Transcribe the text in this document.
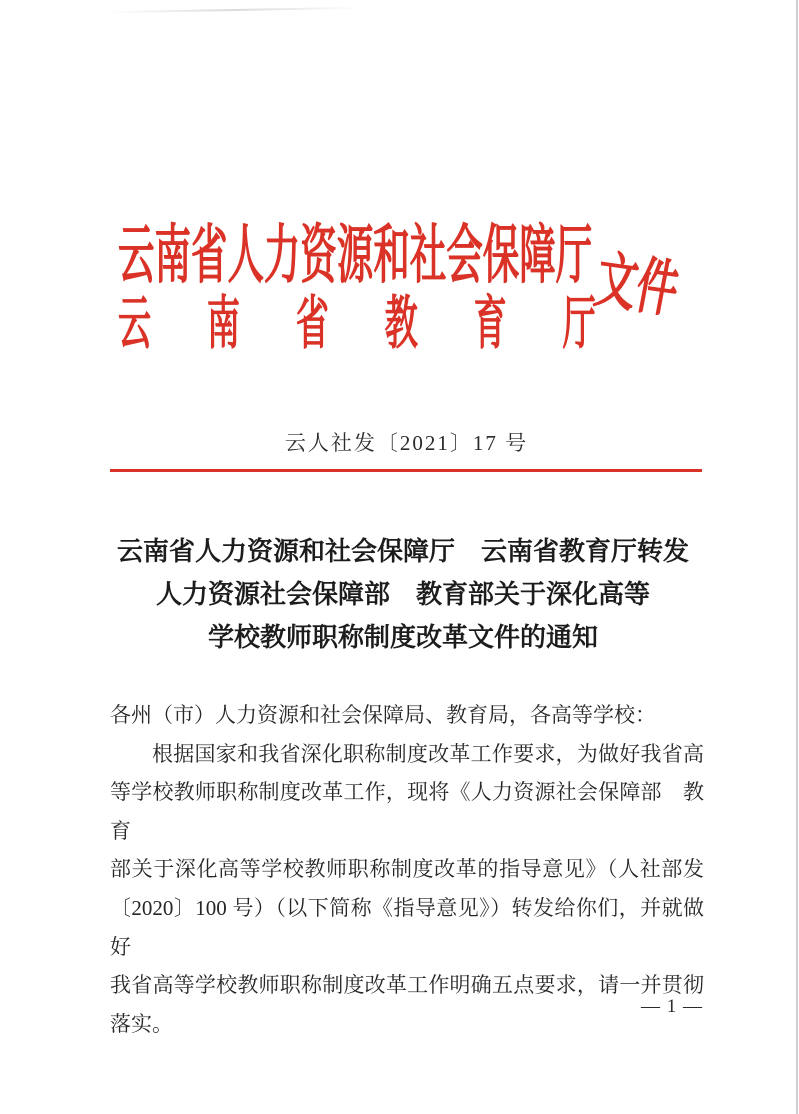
云南省人力资源和社会保障厅
云南省教育厅
文件
云人社发〔2021〕17 号
云南省人力资源和社会保障厅　云南省教育厅转发
人力资源社会保障部　教育部关于深化高等
学校教师职称制度改革文件的通知
各州（市）人力资源和社会保障局、教育局，各高等学校：
根据国家和我省深化职称制度改革工作要求，为做好我省高
等学校教师职称制度改革工作，现将《人力资源社会保障部　教育
部关于深化高等学校教师职称制度改革的指导意见》（人社部发
〔2020〕100 号）（以下简称《指导意见》）转发给你们，并就做好
我省高等学校教师职称制度改革工作明确五点要求，请一并贯彻
落实。
— 1 —
